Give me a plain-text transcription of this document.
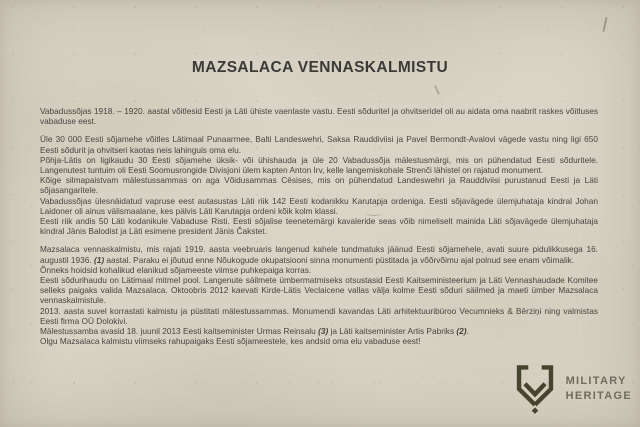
MAZSALACA VENNASKALMISTU

Vabadussõjas 1918. – 1920. aastal võitlesid Eesti ja Läti ühiste vaenlaste vastu. Eesti sõduritel ja ohvitseridel oli au aidata oma naabrit raskes võitluses vabaduse eest.

Üle 30 000 Eesti sõjamehe võitles Lätimaal Punaarmee, Balti Landeswehri, Saksa Rauddiviisi ja Pavel Bermondt-Avalovi vägede vastu ning ligi 650 Eesti sõdurit ja ohvitseri kaotas neis lahinguis oma elu.

Põhja-Lätis on ligikaudu 30 Eesti sõjamehe üksik- või ühishauda ja üle 20 Vabadussõja mälestusmärgi, mis on pühendatud Eesti sõduritele. Langenutest tuntuim oli Eesti Soomusrongide Divisjoni ülem kapten Anton Irv, kelle langemiskohale Strenči lähistel on rajatud monument.

Kõige silmapaistvam mälestussammas on aga Võidusammas Cēsises, mis on pühendatud Landeswehri ja Rauddiviisi purustanud Eesti ja Läti sõjasangaritele.

Vabadussõjas ülesnäidatud vapruse eest autasustas Läti riik 142 Eesti kodanikku Karutapja ordeniga. Eesti sõjavägede ülemjuhataja kindral Johan Laidoner oli ainus välismaalane, kes pälvis Läti Karutapja ordeni kõik kolm klassi.

Eesti riik andis 50 Läti kodanikule Vabaduse Risti. Eesti sõjalise teenetemärgi kavaleride seas võib nimeliselt mainida Läti sõjavägede ülemjuhataja kindral Jänis Balodist ja Läti esimene president Jänis Čakstet.

Mazsalaca vennaskalmistu, mis rajati 1919. aasta veebruaris langenud kahele tundmatuks jäänud Eesti sõjamehele, avati suure pidulikkusega 16. augustil 1936. (1) aastal. Paraku ei jõutud enne Nõukogude okupatsiooni sinna monumenti püstitada ja võõrvõimu ajal polnud see enam võimalik.

Õnneks hoidsid kohalikud elanikud sõjameeste viimse puhkepaiga korras.

Eesti sõdurihaudu on Lätimaal mitmel pool. Langenute säilmete ümbermatmiseks otsustasid Eesti Kaitseministeerium ja Läti Vennashaudade Komitee selleks paigaks valida Mazsalaca. Oktoobris 2012 kaevati Kirde-Lätis Veclaicene vallas välja kolme Eesti sõduri säilmed ja maeti ümber Mazsalaca vennaskalmistule.

2013. aasta suvel korrastati kalmistu ja püstitati mälestussammas. Monumendi kavandas Läti arhitektuuribüroo Vecumnieks & Bērziņi ning valmistas Eesti firma OÜ Dolokivi.

Mälestussamba avasid 18. juunil 2013 Eesti kaitseminister Urmas Reinsalu (3) ja Läti kaitseminister Artis Pabriks (2).

Olgu Mazsalaca kalmistu viimseks rahupaigaks Eesti sõjameestele, kes andsid oma elu vabaduse eest!

MILITARY
HERITAGE
